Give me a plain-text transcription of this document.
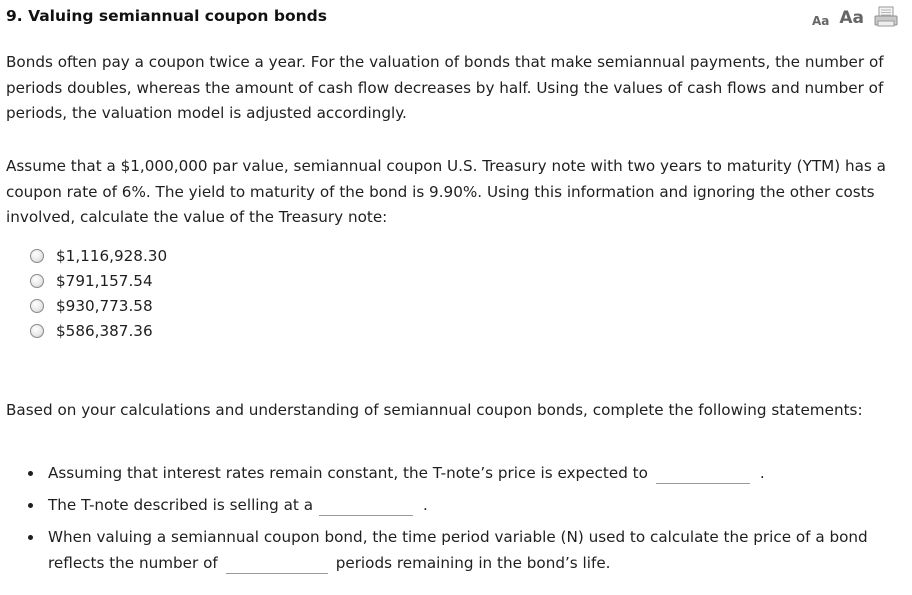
9. Valuing semiannual coupon bonds	Aa Aa
Bonds often pay a coupon twice a year. For the valuation of bonds that make semiannual payments, the number of periods doubles, whereas the amount of cash flow decreases by half. Using the values of cash flows and number of periods, the valuation model is adjusted accordingly.
Assume that a $1,000,000 par value, semiannual coupon U.S. Treasury note with two years to maturity (YTM) has a coupon rate of 6%. The yield to maturity of the bond is 9.90%. Using this information and ignoring the other costs involved, calculate the value of the Treasury note:
$1,116,928.30
$791,157.54
$930,773.58
$586,387.36
Based on your calculations and understanding of semiannual coupon bonds, complete the following statements:
Assuming that interest rates remain constant, the T-note’s price is expected to	.
The T-note described is selling at a	.
When valuing a semiannual coupon bond, the time period variable (N) used to calculate the price of a bond reflects the number of	periods remaining in the bond’s life.
